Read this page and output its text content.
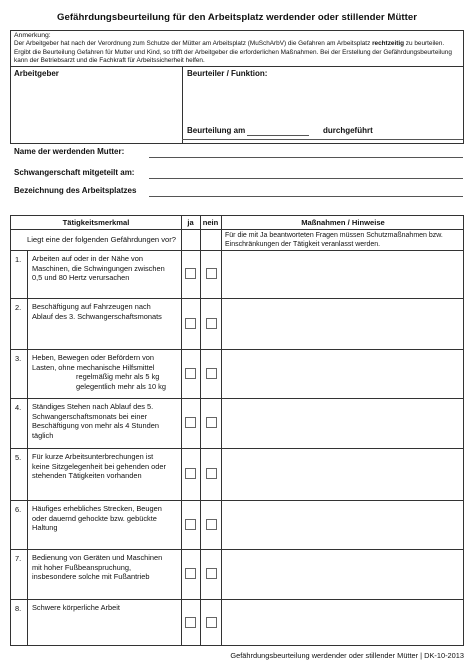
Gefährdungsbeurteilung für den Arbeitsplatz werdender oder stillender Mütter
Anmerkung:
Der Arbeitgeber hat nach der Verordnung zum Schutze der Mütter am Arbeitsplatz (MuSchArbV) die Gefahren am Arbeitsplatz rechtzeitig zu beurteilen. Ergibt die Beurteilung Gefahren für Mutter und Kind, so trifft der Arbeitgeber die erforderlichen Maßnahmen. Bei der Erstellung der Gefährdungsbeurteilung kann der Betriebsarzt und die Fachkraft für Arbeitssicherheit helfen.
Arbeitgeber	Beurteiler / Funktion:
Beurteilung am	durchgeführt
Name der werdenden Mutter:
Schwangerschaft mitgeteilt am:
Bezeichnung des Arbeitsplatzes
Tätigkeitsmerkmal	ja	nein	Maßnahmen / Hinweise
Liegt eine der folgenden Gefährdungen vor?	Für die mit Ja beantworteten Fragen müssen Schutzmaßnahmen bzw. Einschränkungen der Tätigkeit veranlasst werden.
1. Arbeiten auf oder in der Nähe von
Maschinen, die Schwingungen zwischen
0,5 und 80 Hertz verursachen
2. Beschäftigung auf Fahrzeugen nach
Ablauf des 3. Schwangerschaftsmonats
3. Heben, Bewegen oder Befördern von
Lasten, ohne mechanische Hilfsmittel
regelmäßig mehr als 5 kg
gelegentlich mehr als 10 kg
4. Ständiges Stehen nach Ablauf des 5.
Schwangerschaftsmonats bei einer
Beschäftigung von mehr als 4 Stunden
täglich
5. Für kurze Arbeitsunterbrechungen ist
keine Sitzgelegenheit bei gehenden oder
stehenden Tätigkeiten vorhanden
6. Häufiges erhebliches Strecken, Beugen
oder dauernd gehockte bzw. gebückte
Haltung
7. Bedienung von Geräten und Maschinen
mit hoher Fußbeanspruchung,
insbesondere solche mit Fußantrieb
8. Schwere körperliche Arbeit
Gefährdungsbeurteilung werdender oder stillender Mütter | DK-10-2013
